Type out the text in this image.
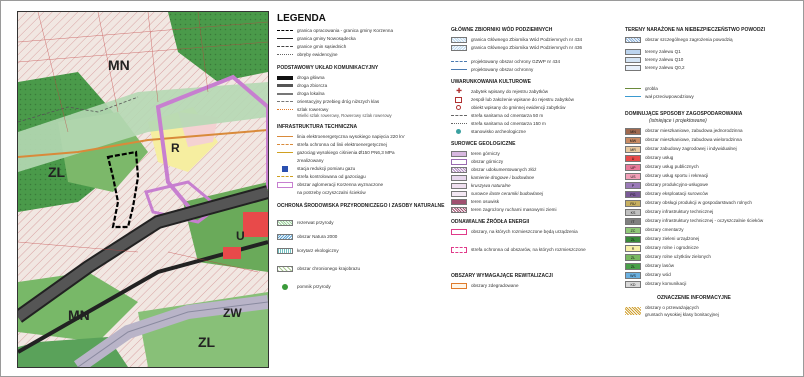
MN
ZL
R
MN
ZL
ZW
U
LEGENDA
granica opracowania - granica gminy Korzenna
granica gminy Nowosądecka
granice gmin sąsiednich
obręby ewidencyjne
PODSTAWOWY UKŁAD KOMUNIKACYJNY
droga główna
droga zbiorcza
droga lokalna
orientacyjny przebieg dróg niższych klas
szlak rowerowy
Wielki szlak rowerowy, Rowerowy szlak rowerowy
INFRASTRUKTURA TECHNICZNA
linia elektroenergetyczna wysokiego napięcia 220 kV
strefa ochronna od linii elektroenergetycznej
gazociąg wysokiego ciśnienia Ø150 PN6,3 MPa
zrealizowany
stacja redukcji pomiaru gazu
strefa kontrolowana od gazociągu
obszar aglomeracji Korzenna wyznaczone
na potrzeby oczyszczalni ścieków
OCHRONA ŚRODOWISKA PRZYRODNICZEGO I ZASOBY NATURALNE
rezerwat przyrody
obszar Natura 2000
korytarz ekologiczny
obszar chronionego krajobrazu
pomnik przyrody
GŁÓWNE ZBIORNIKI WÓD PODZIEMNYCH
granica Głównego Zbiornika Wód Podziemnych nr 434
granica Głównego Zbiornika Wód Podziemnych nr 436
projektowany obszar ochrony GZWP nr 434
projektowany obszar ochronny
UWARUNKOWANIA KULTUROWE
✚ zabytek wpisany do rejestru zabytków
zespół lub założenie wpisane do rejestru zabytków
obiekt wpisany do gminnej ewidencji zabytków
strefa sanitarna od cmentarza 50 m
strefa sanitarna od cmentarza 150 m
stanowisko archeologiczne
SUROWCE GEOLOGICZNE
teren górniczy
obszar górniczy
obszar udokumentowanych złóż
kamienie drogowe i budowlane
kruszywa naturalne
surowce ilaste ceramiki budowlanej
teren osuwisk
teren zagrożony ruchami masowymi ziemi
ODNAWIALNE ŹRÓDŁA ENERGII
obszary, na których rozmieszczone będą urządzenia
strefa ochronna od obszarów, na których rozmieszczone
OBSZARY WYMAGAJĄCE REWITALIZACJI
obszary zdegradowane
TERENY NARAŻONE NA NIEBEZPIECZEŃSTWO POWODZI
obszar szczególnego zagrożenia powodzią
tereny zalewu Q1
tereny zalewu Q10
tereny zalewu Q0,2
grobla
wał przeciwpowodziowy
DOMINUJĄCE SPOSOBY ZAGOSPODAROWANIA
(istniejące i projektowane)
MN	obszar mieszkaniowe, zabudowa jednorodzinna
MW	obszar mieszkaniowe, zabudowa wielorodzinna
MR	obszar zabudowy zagrodowej i indywidualnej
U	obszary usług
UP	obszary usług publicznych
US	obszary usług sportu i rekreacji
P	obszary produkcyjno-usługowe
PG	obszary eksploatacji surowców
RU	obszary obsługi produkcji w gospodarstwach rolnych
KS	obszary infrastruktury technicznej
IT	obszary infrastruktury technicznej - oczyszczalnie ścieków
ZC	obszary cmentarzy
ZL	obszary zieleni urządzonej
R	obszary rolne i ogrodnicze
ZL	obszary rolne użytków zielonych
ZL	obszary lasów
WS	obszary wód
KD	obszary komunikacji
OZNACZENIE INFORMACYJNE
obszary o przeważających
gruntach wysokiej klasy bonitacyjnej
